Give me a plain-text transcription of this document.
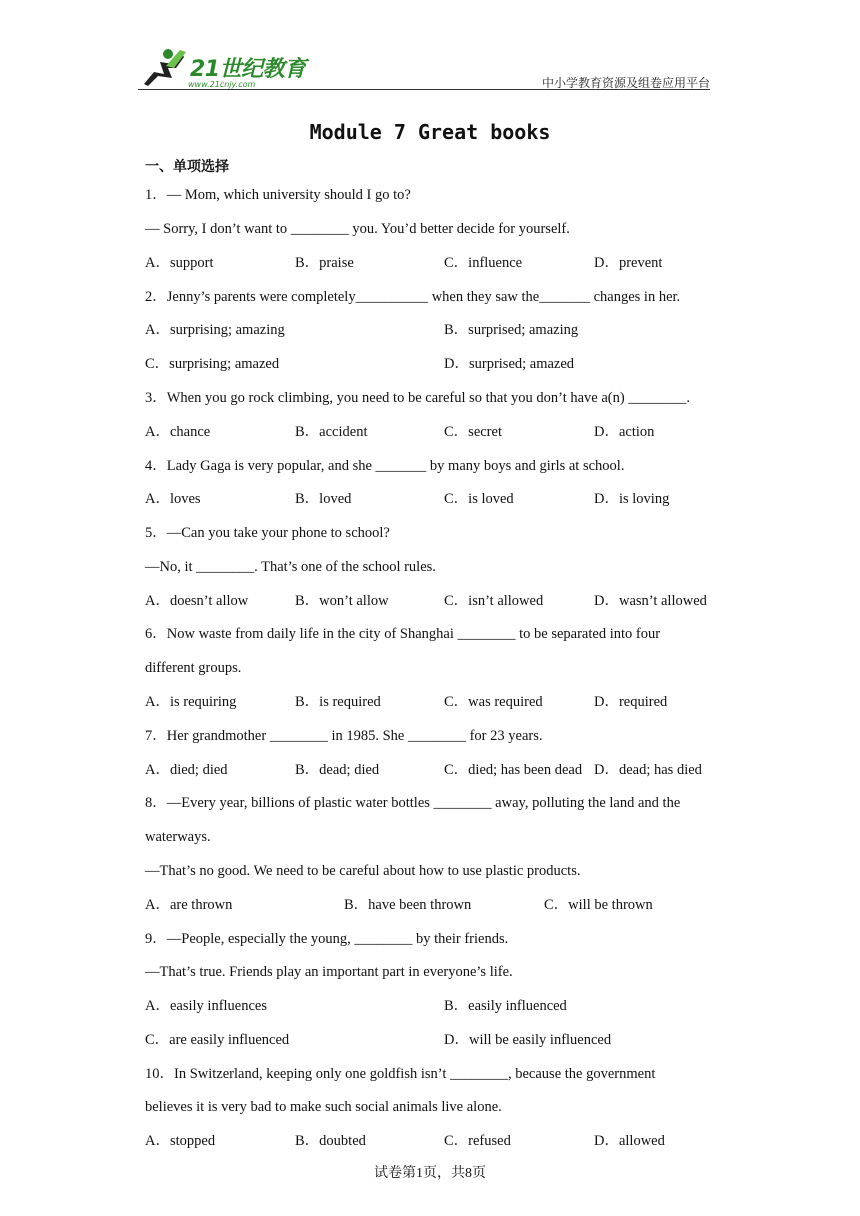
21世纪教育
www.21cnjy.com	中小学教育资源及组卷应用平台
Module 7 Great books
一、单项选择
1．— Mom, which university should I go to?
— Sorry, I don’t want to ________ you. You’d better decide for yourself.
A．support	B．praise	C．influence	D．prevent
2．Jenny’s parents were completely__________ when they saw the_______ changes in her.
A．surprising; amazing	B．surprised; amazing
C．surprising; amazed	D．surprised; amazed
3．When you go rock climbing, you need to be careful so that you don’t have a(n) ________.
A．chance	B．accident	C．secret	D．action
4．Lady Gaga is very popular, and she _______ by many boys and girls at school.
A．loves	B．loved	C．is loved	D．is loving
5．—Can you take your phone to school?
—No, it ________. That’s one of the school rules.
A．doesn’t allow	B．won’t allow	C．isn’t allowed	D．wasn’t allowed
6．Now waste from daily life in the city of Shanghai ________ to be separated into four
different groups.
A．is requiring	B．is required	C．was required	D．required
7．Her grandmother ________ in 1985. She ________ for 23 years.
A．died; died	B．dead; died	C．died; has been dead D．dead; has died
8．—Every year, billions of plastic water bottles ________ away, polluting the land and the
waterways.
—That’s no good. We need to be careful about how to use plastic products.
A．are thrown	B．have been thrown	C．will be thrown
9．—People, especially the young, ________ by their friends.
—That’s true. Friends play an important part in everyone’s life.
A．easily influences	B．easily influenced
C．are easily influenced	D．will be easily influenced
10．In Switzerland, keeping only one goldfish isn’t ________, because the government
believes it is very bad to make such social animals live alone.
A．stopped	B．doubted	C．refused	D．allowed
试卷第1页，共8页
